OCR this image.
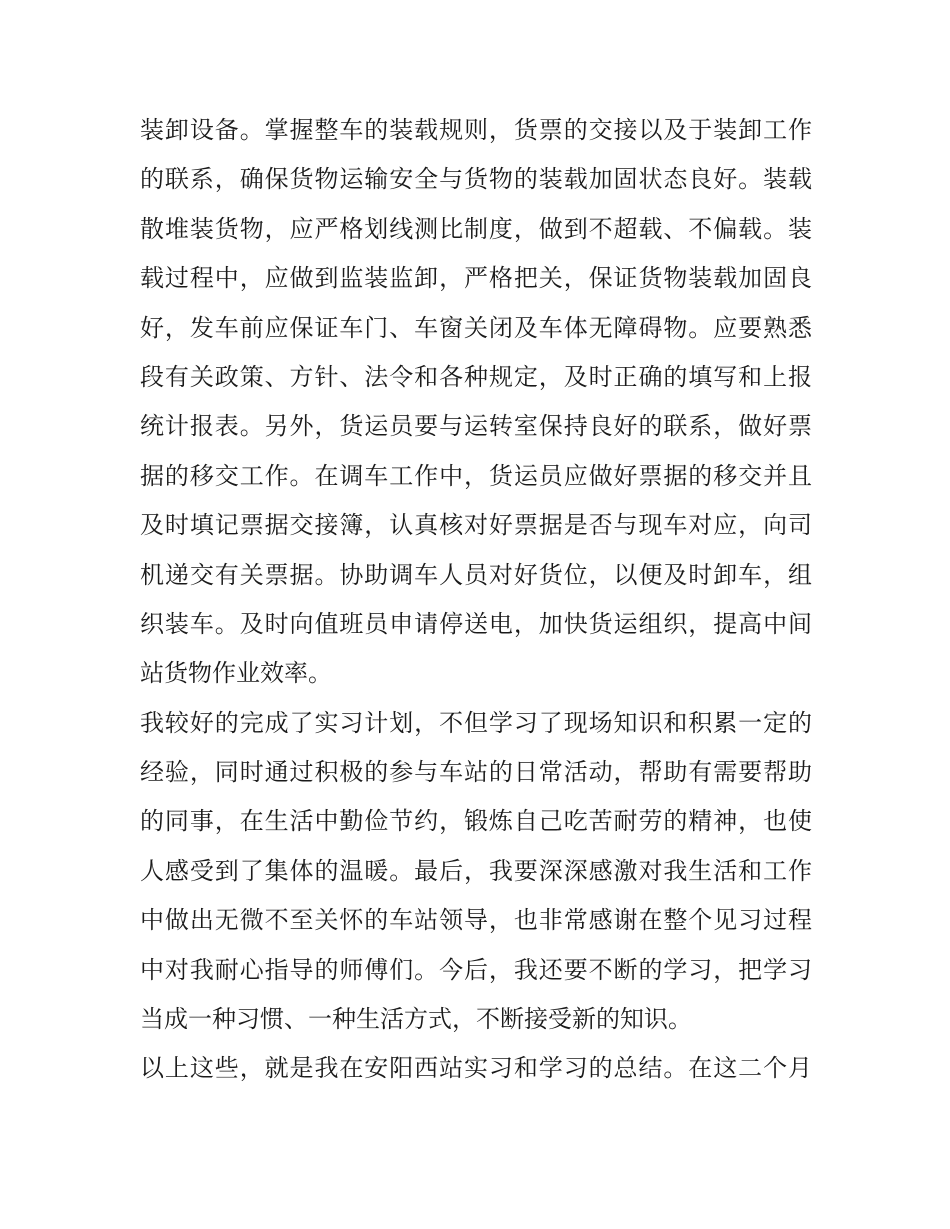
装卸设备。掌握整车的装载规则，货票的交接以及于装卸工作
的联系，确保货物运输安全与货物的装载加固状态良好。装载
散堆装货物，应严格划线测比制度，做到不超载、不偏载。装
载过程中，应做到监装监卸，严格把关，保证货物装载加固良
好，发车前应保证车门、车窗关闭及车体无障碍物。应要熟悉
段有关政策、方针、法令和各种规定，及时正确的填写和上报
统计报表。另外，货运员要与运转室保持良好的联系，做好票
据的移交工作。在调车工作中，货运员应做好票据的移交并且
及时填记票据交接簿，认真核对好票据是否与现车对应，向司
机递交有关票据。协助调车人员对好货位，以便及时卸车，组
织装车。及时向值班员申请停送电，加快货运组织，提高中间
站货物作业效率。
我较好的完成了实习计划，不但学习了现场知识和积累一定的
经验，同时通过积极的参与车站的日常活动，帮助有需要帮助
的同事，在生活中勤俭节约，锻炼自己吃苦耐劳的精神，也使
人感受到了集体的温暖。最后，我要深深感激对我生活和工作
中做出无微不至关怀的车站领导，也非常感谢在整个见习过程
中对我耐心指导的师傅们。今后，我还要不断的学习，把学习
当成一种习惯、一种生活方式，不断接受新的知识。
以上这些，就是我在安阳西站实习和学习的总结。在这二个月
